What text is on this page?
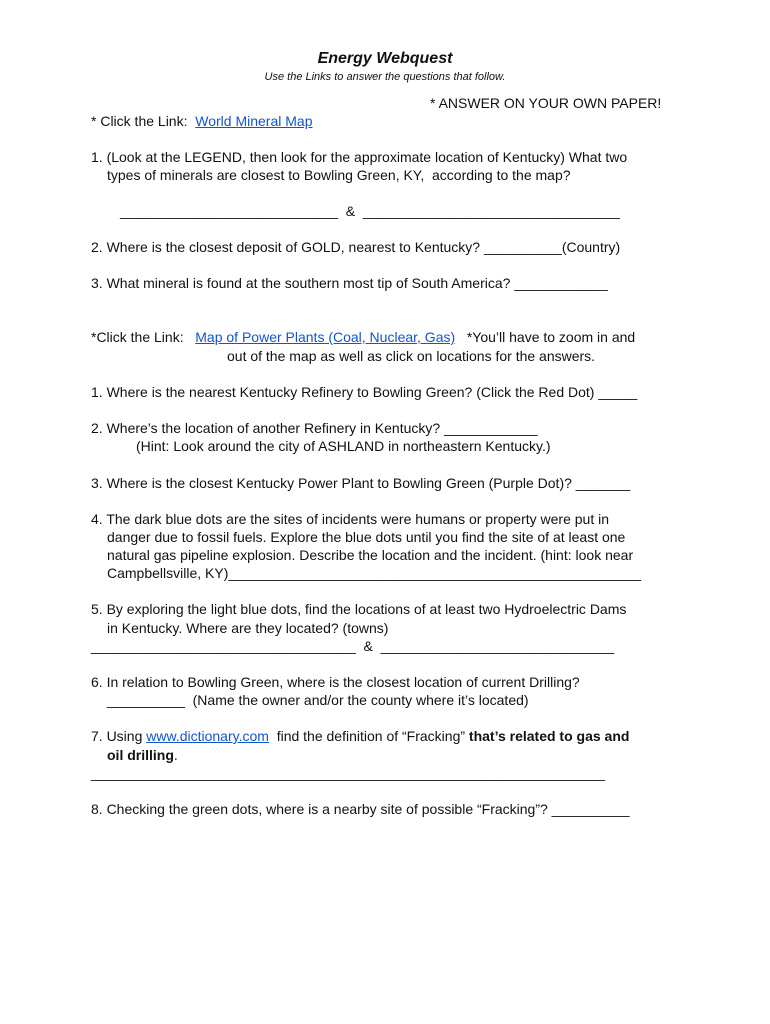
Energy Webquest
Use the Links to answer the questions that follow.
* ANSWER ON YOUR OWN PAPER!
* Click the Link:  World Mineral Map
1. (Look at the LEGEND, then look for the approximate location of Kentucky) What two
types of minerals are closest to Bowling Green, KY,  according to the map?
____________________________  &  _________________________________
2. Where is the closest deposit of GOLD, nearest to Kentucky? __________(Country)
3. What mineral is found at the southern most tip of South America? ____________
*Click the Link:   Map of Power Plants (Coal, Nuclear, Gas)   *You’ll have to zoom in and
out of the map as well as click on locations for the answers.
1. Where is the nearest Kentucky Refinery to Bowling Green? (Click the Red Dot) _____
2. Where’s the location of another Refinery in Kentucky? ____________
(Hint: Look around the city of ASHLAND in northeastern Kentucky.)
3. Where is the closest Kentucky Power Plant to Bowling Green (Purple Dot)? _______
4. The dark blue dots are the sites of incidents were humans or property were put in
danger due to fossil fuels. Explore the blue dots until you find the site of at least one
natural gas pipeline explosion. Describe the location and the incident. (hint: look near
Campbellsville, KY)_____________________________________________________
5. By exploring the light blue dots, find the locations of at least two Hydroelectric Dams
in Kentucky. Where are they located? (towns)
__________________________________  &  ______________________________
6. In relation to Bowling Green, where is the closest location of current Drilling?
__________  (Name the owner and/or the county where it’s located)
7. Using www.dictionary.com  find the definition of “Fracking” that’s related to gas and
oil drilling.
__________________________________________________________________
8. Checking the green dots, where is a nearby site of possible “Fracking”? __________
